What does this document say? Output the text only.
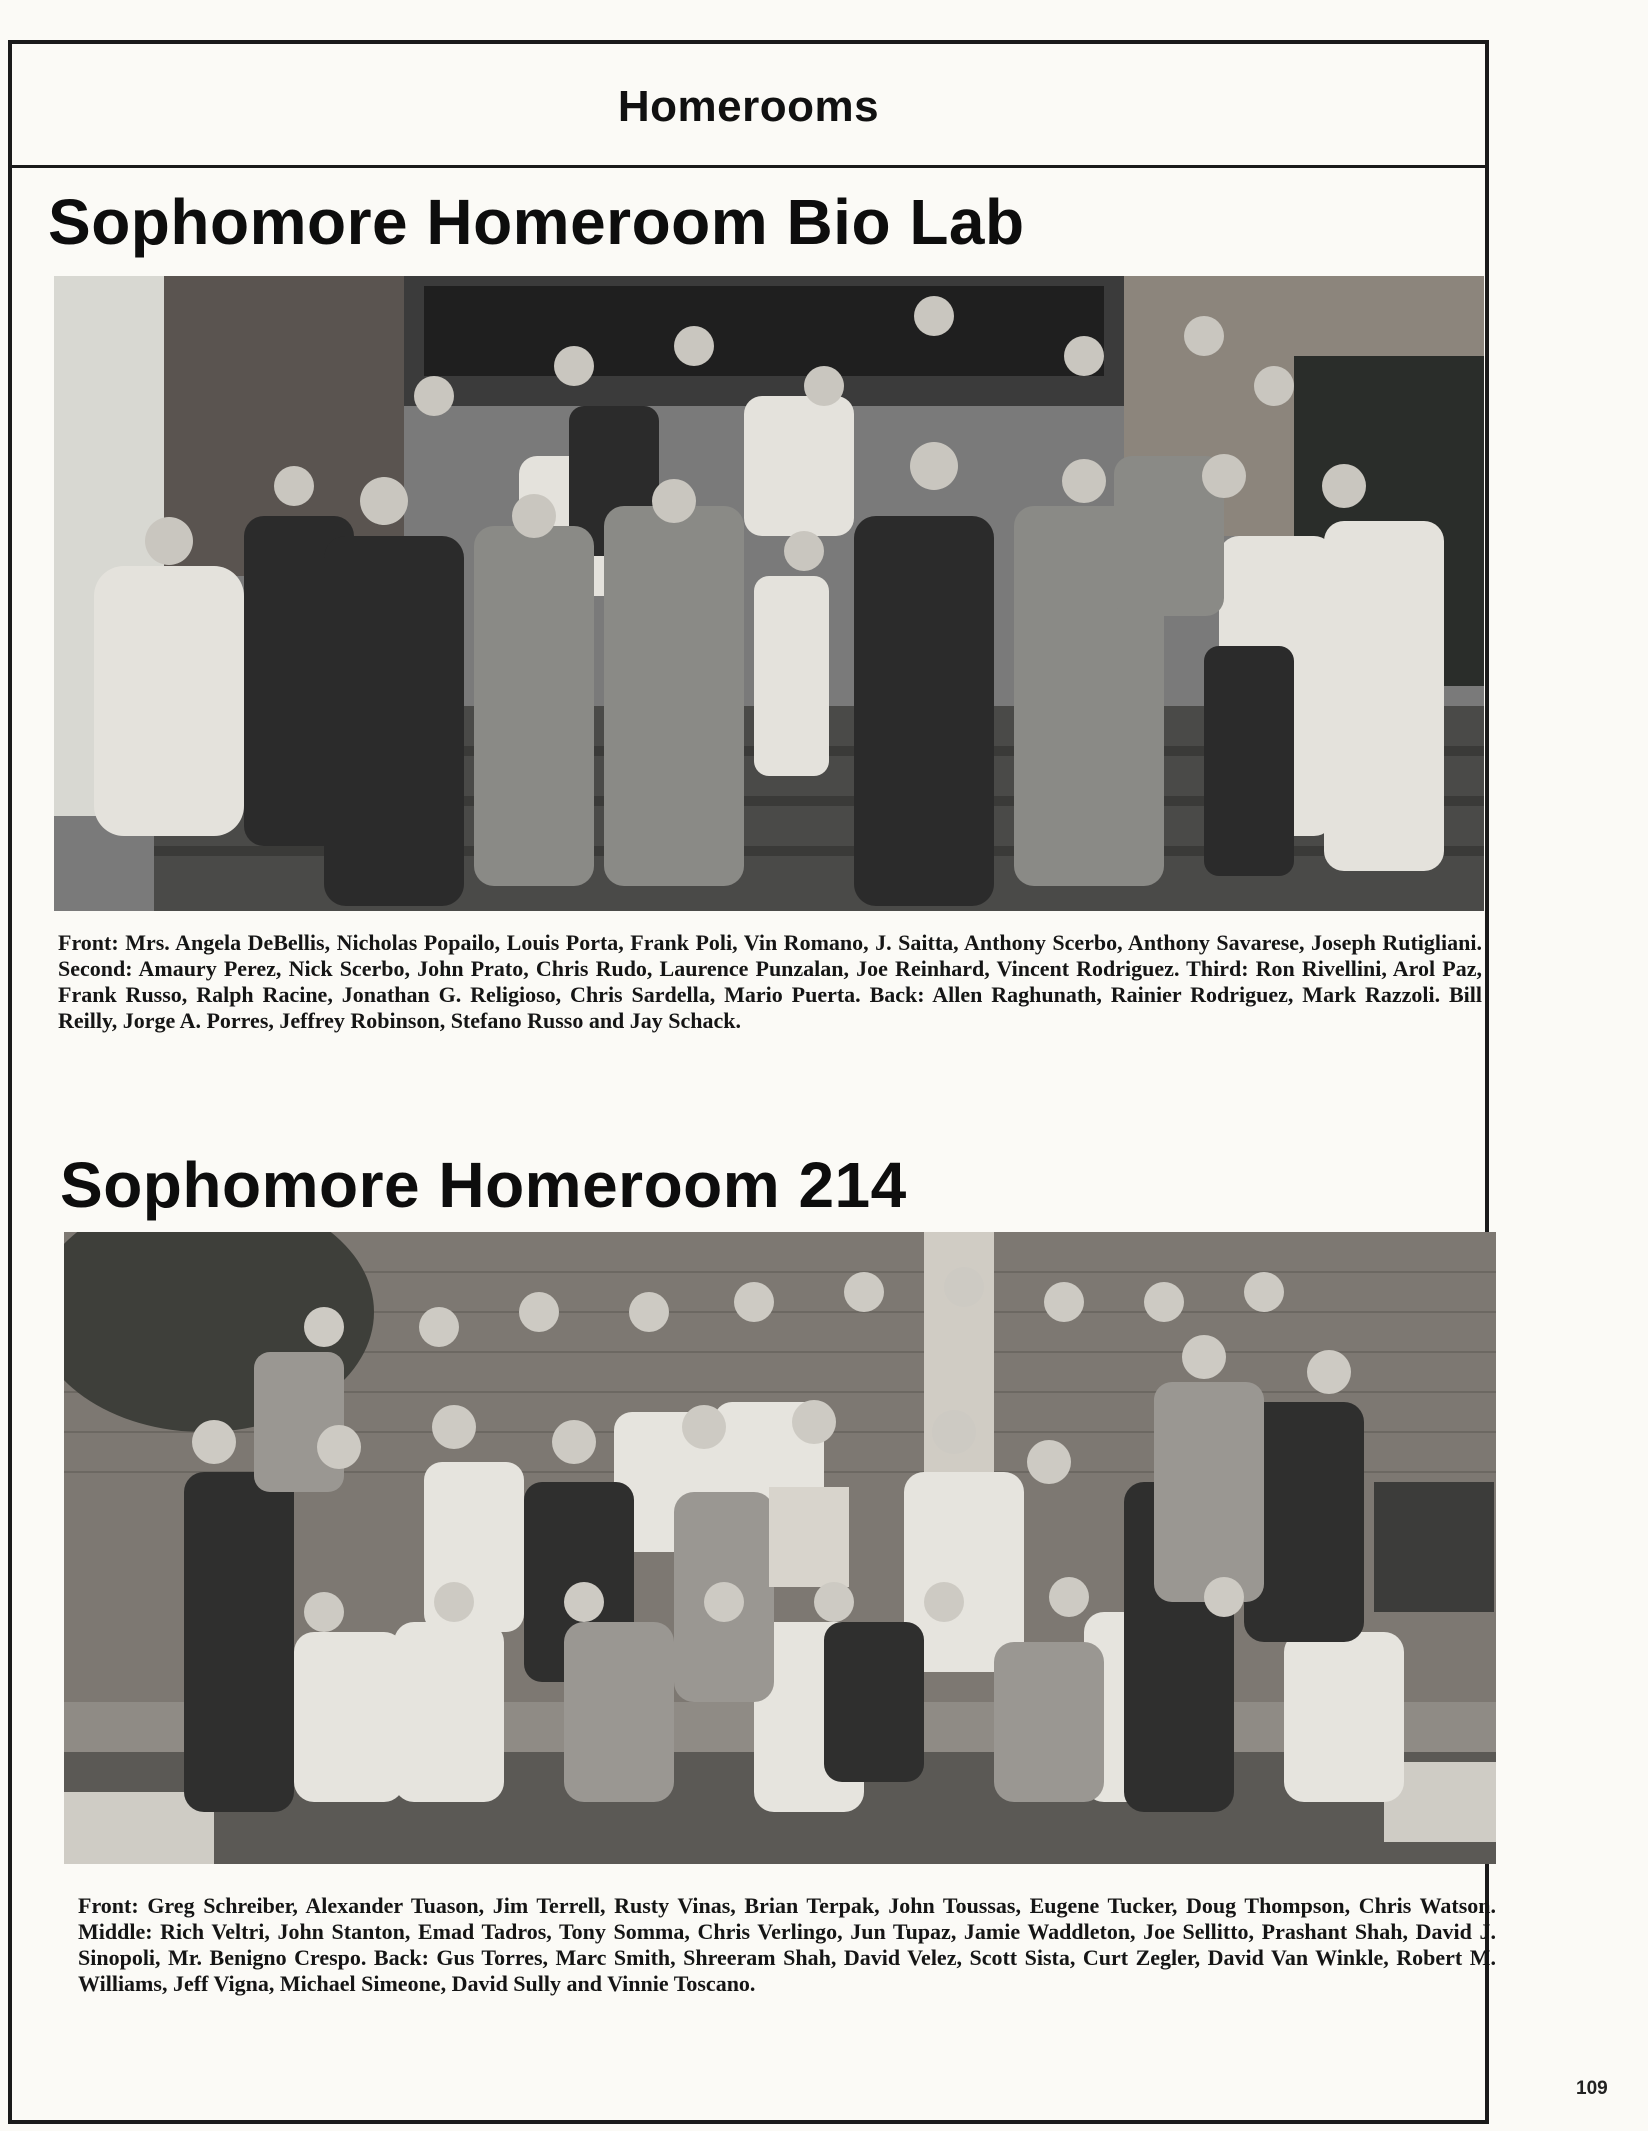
Homerooms
Sophomore Homeroom Bio Lab
Front: Mrs. Angela DeBellis, Nicholas Popailo, Louis Porta, Frank Poli, Vin Romano, J. Saitta, Anthony Scerbo, Anthony Savarese, Joseph Rutigliani. Second: Amaury Perez, Nick Scerbo, John Prato, Chris Rudo, Laurence Punzalan, Joe Reinhard, Vincent Rodriguez. Third: Ron Rivellini, Arol Paz, Frank Russo, Ralph Racine, Jonathan G. Religioso, Chris Sardella, Mario Puerta. Back: Allen Raghunath, Rainier Rodriguez, Mark Razzoli. Bill Reilly, Jorge A. Porres, Jeffrey Robinson, Stefano Russo and Jay Schack.
Sophomore Homeroom 214
Front: Greg Schreiber, Alexander Tuason, Jim Terrell, Rusty Vinas, Brian Terpak, John Toussas, Eugene Tucker, Doug Thompson, Chris Watson. Middle: Rich Veltri, John Stanton, Emad Tadros, Tony Somma, Chris Verlingo, Jun Tupaz, Jamie Waddleton, Joe Sellitto, Prashant Shah, David J. Sinopoli, Mr. Benigno Crespo. Back: Gus Torres, Marc Smith, Shreeram Shah, David Velez, Scott Sista, Curt Zegler, David Van Winkle, Robert M. Williams, Jeff Vigna, Michael Simeone, David Sully and Vinnie Toscano.
109
